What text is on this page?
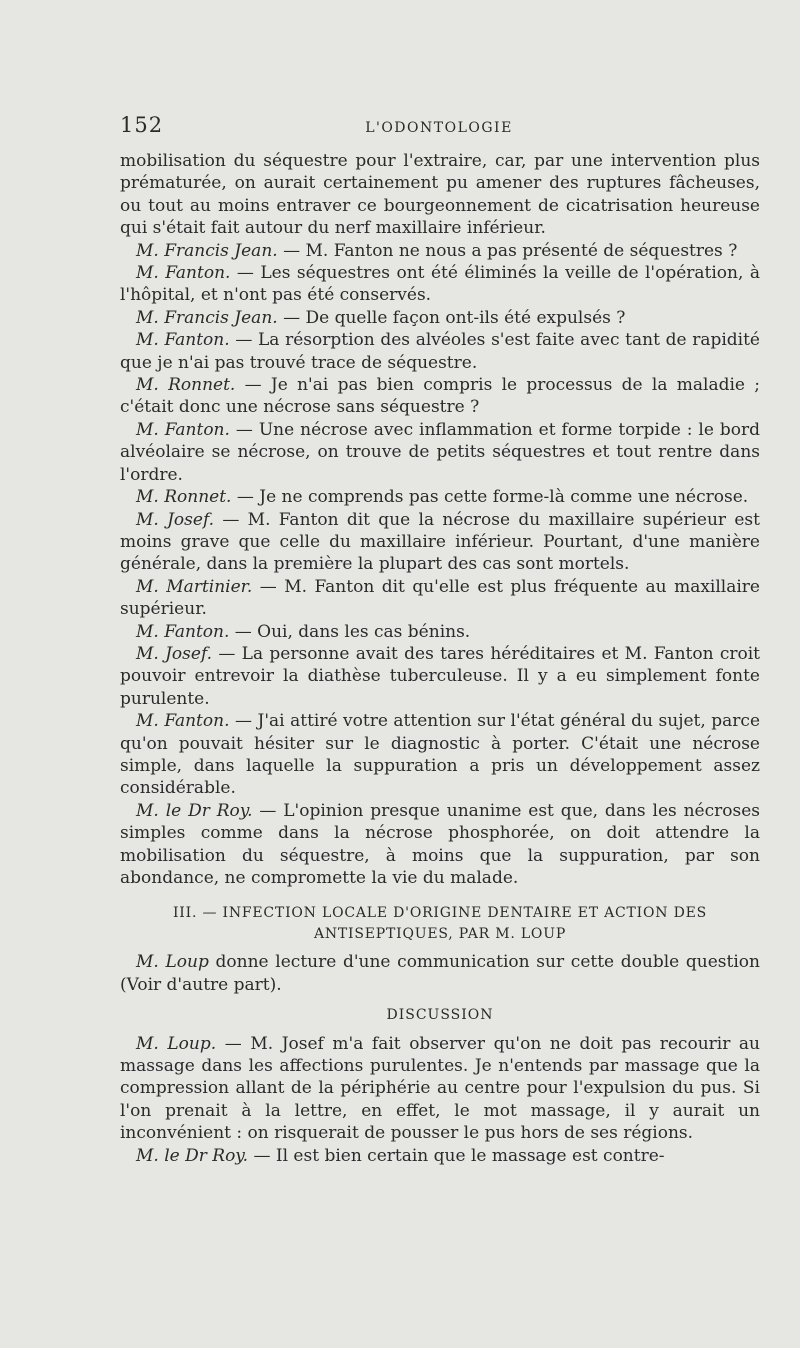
152	L'ODONTOLOGIE

mobilisation du séquestre pour l'extraire, car, par une intervention plus prématurée, on aurait certainement pu amener des ruptures fâcheuses, ou tout au moins entraver ce bourgeonnement de cicatrisation heureuse qui s'était fait autour du nerf maxillaire inférieur.

M. Francis Jean. — M. Fanton ne nous a pas présenté de séquestres ?

M. Fanton. — Les séquestres ont été éliminés la veille de l'opération, à l'hôpital, et n'ont pas été conservés.

M. Francis Jean. — De quelle façon ont-ils été expulsés ?

M. Fanton. — La résorption des alvéoles s'est faite avec tant de rapidité que je n'ai pas trouvé trace de séquestre.

M. Ronnet. — Je n'ai pas bien compris le processus de la maladie ; c'était donc une nécrose sans séquestre ?

M. Fanton. — Une nécrose avec inflammation et forme torpide : le bord alvéolaire se nécrose, on trouve de petits séquestres et tout rentre dans l'ordre.

M. Ronnet. — Je ne comprends pas cette forme-là comme une nécrose.

M. Josef. — M. Fanton dit que la nécrose du maxillaire supérieur est moins grave que celle du maxillaire inférieur. Pourtant, d'une manière générale, dans la première la plupart des cas sont mortels.

M. Martinier. — M. Fanton dit qu'elle est plus fréquente au maxillaire supérieur.

M. Fanton. — Oui, dans les cas bénins.

M. Josef. — La personne avait des tares héréditaires et M. Fanton croit pouvoir entrevoir la diathèse tuberculeuse. Il y a eu simplement fonte purulente.

M. Fanton. — J'ai attiré votre attention sur l'état général du sujet, parce qu'on pouvait hésiter sur le diagnostic à porter. C'était une nécrose simple, dans laquelle la suppuration a pris un développement assez considérable.

M. le Dr Roy. — L'opinion presque unanime est que, dans les nécroses simples comme dans la nécrose phosphorée, on doit attendre la mobilisation du séquestre, à moins que la suppuration, par son abondance, ne compromette la vie du malade.

III. — INFECTION LOCALE D'ORIGINE DENTAIRE ET ACTION DES
ANTISEPTIQUES, PAR M. LOUP

M. Loup donne lecture d'une communication sur cette double question (Voir d'autre part).

DISCUSSION

M. Loup. — M. Josef m'a fait observer qu'on ne doit pas recourir au massage dans les affections purulentes. Je n'entends par massage que la compression allant de la périphérie au centre pour l'expulsion du pus. Si l'on prenait à la lettre, en effet, le mot massage, il y aurait un inconvénient : on risquerait de pousser le pus hors de ses régions.

M. le Dr Roy. — Il est bien certain que le massage est contre-
